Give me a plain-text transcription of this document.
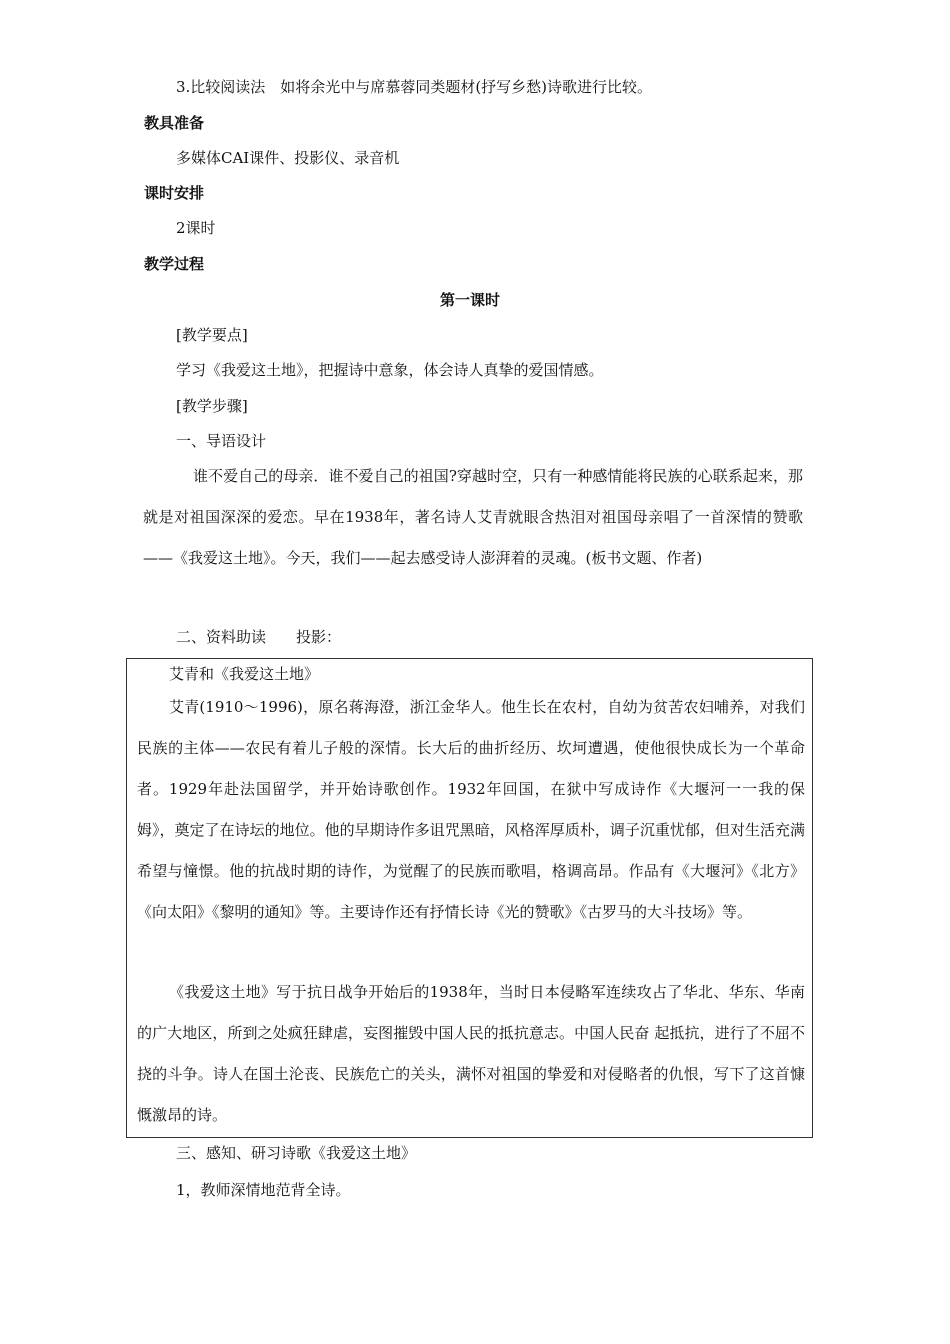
3.比较阅读法　如将余光中与席慕蓉同类题材(抒写乡愁)诗歌进行比较。
教具准备
多媒体CAI课件、投影仪、录音机
课时安排
2课时
教学过程
第一课时
[教学要点]
学习《我爱这土地》，把握诗中意象，体会诗人真挚的爱国情感。
[教学步骤]
一、导语设计
谁不爱自己的母亲．谁不爱自己的祖国?穿越时空，只有一种感情能将民族的心联系起来，那就是对祖国深深的爱恋。早在1938年，著名诗人艾青就眼含热泪对祖国母亲唱了一首深情的赞歌——《我爱这土地》。今天，我们——起去感受诗人澎湃着的灵魂。(板书文题、作者)
二、资料助读　　投影：
艾青和《我爱这土地》
艾青(1910～1996)，原名蒋海澄，浙江金华人。他生长在农村，自幼为贫苦农妇哺养，对我们民族的主体——农民有着儿子般的深情。长大后的曲折经历、坎坷遭遇，使他很快成长为一个革命者。1929年赴法国留学，并开始诗歌创作。1932年回国，在狱中写成诗作《大堰河一一我的保姆》，奠定了在诗坛的地位。他的早期诗作多诅咒黑暗，风格浑厚质朴，调子沉重忧郁，但对生活充满希望与憧憬。他的抗战时期的诗作，为觉醒了的民族而歌唱，格调高昂。作品有《大堰河》《北方》《向太阳》《黎明的通知》等。主要诗作还有抒情长诗《光的赞歌》《古罗马的大斗技场》等。
《我爱这土地》写于抗日战争开始后的1938年，当时日本侵略军连续攻占了华北、华东、华南的广大地区，所到之处疯狂肆虐，妄图摧毁中国人民的抵抗意志。中国人民奋 起抵抗，进行了不屈不挠的斗争。诗人在国土沦丧、民族危亡的关头，满怀对祖国的挚爱和对侵略者的仇恨，写下了这首慷慨激昂的诗。
三、感知、研习诗歌《我爱这土地》
1，教师深情地范背全诗。
